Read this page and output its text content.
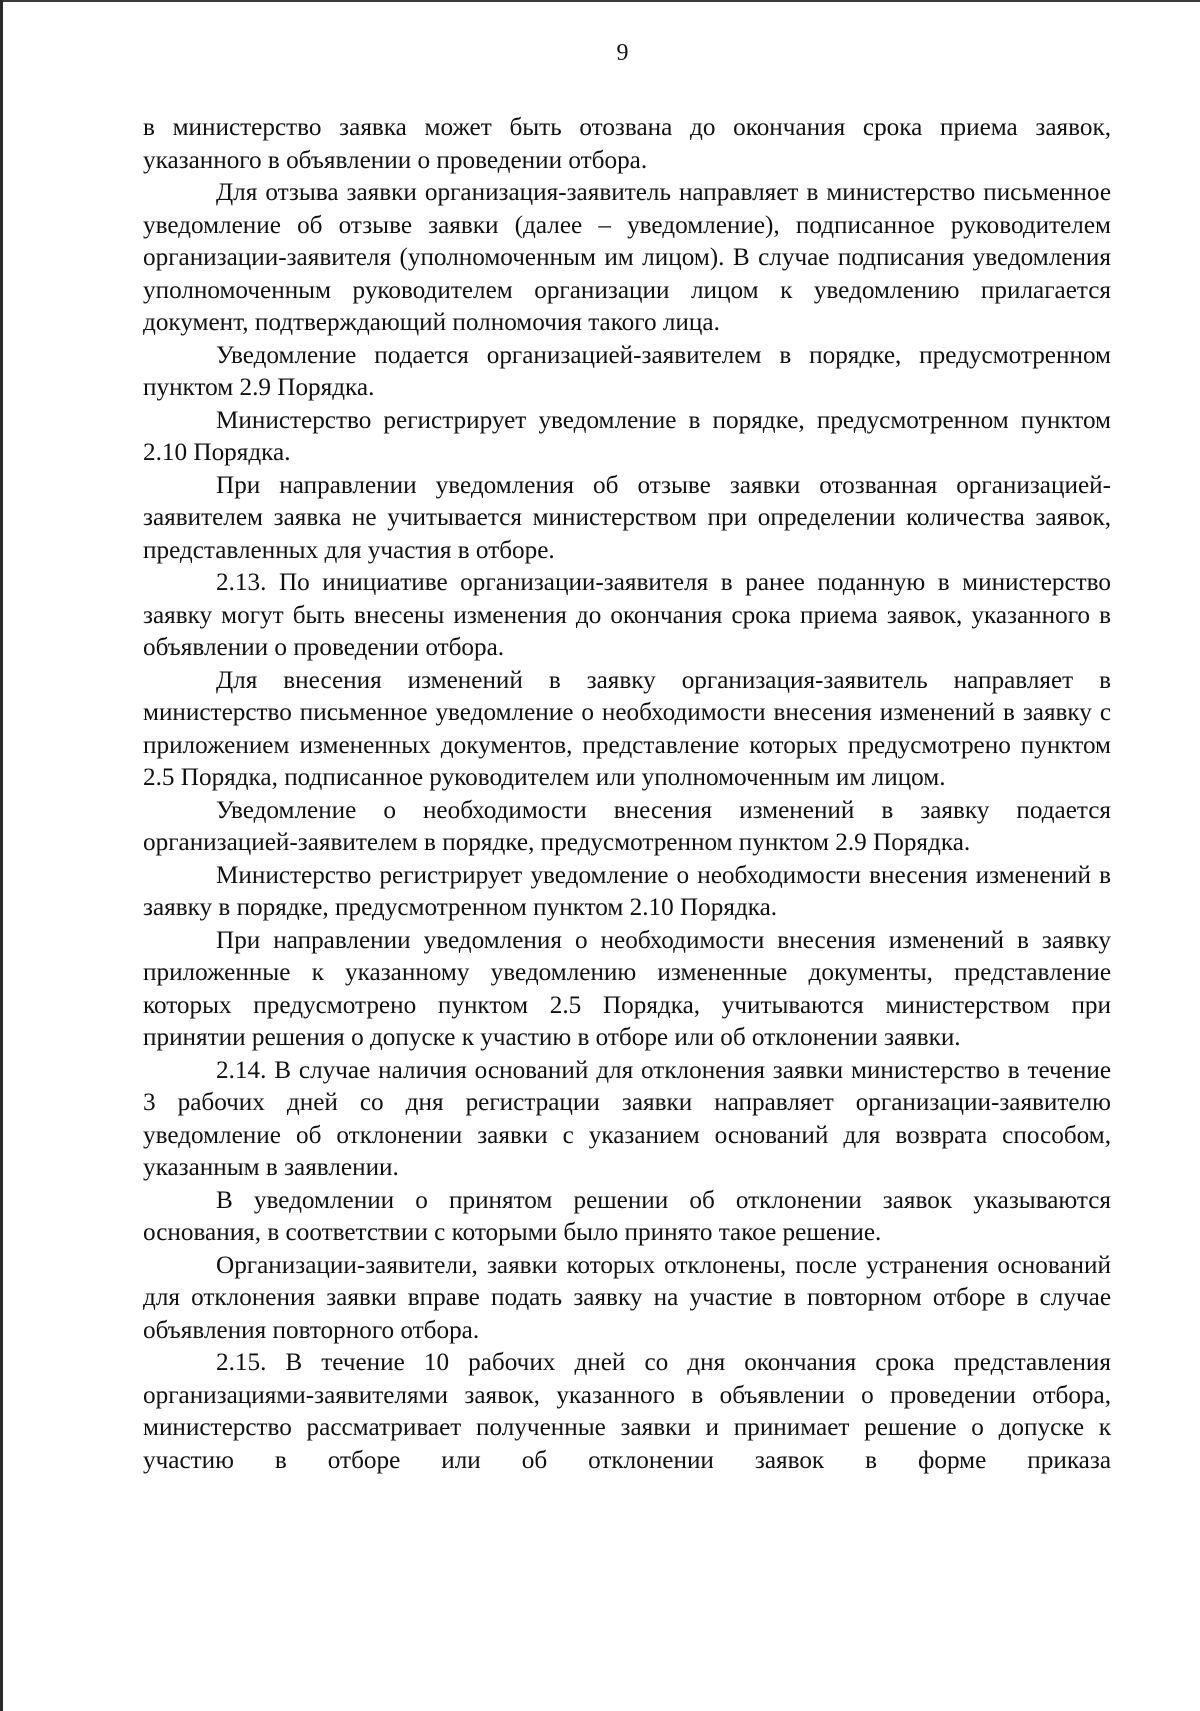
9

в министерство заявка может быть отозвана до окончания срока приема заявок, указанного в объявлении о проведении отбора.

Для отзыва заявки организация-заявитель направляет в министерство письменное уведомление об отзыве заявки (далее – уведомление), подписанное руководителем организации-заявителя (уполномоченным им лицом). В случае подписания уведомления уполномоченным руководителем организации лицом к уведомлению прилагается документ, подтверждающий полномочия такого лица.

Уведомление подается организацией-заявителем в порядке, предусмотренном пунктом 2.9 Порядка.

Министерство регистрирует уведомление в порядке, предусмотренном пунктом 2.10 Порядка.

При направлении уведомления об отзыве заявки отозванная организацией-заявителем заявка не учитывается министерством при определении количества заявок, представленных для участия в отборе.

2.13. По инициативе организации-заявителя в ранее поданную в министерство заявку могут быть внесены изменения до окончания срока приема заявок, указанного в объявлении о проведении отбора.

Для внесения изменений в заявку организация-заявитель направляет в министерство письменное уведомление о необходимости внесения изменений в заявку с приложением измененных документов, представление которых предусмотрено пунктом 2.5 Порядка, подписанное руководителем или уполномоченным им лицом.

Уведомление о необходимости внесения изменений в заявку подается организацией-заявителем в порядке, предусмотренном пунктом 2.9 Порядка.

Министерство регистрирует уведомление о необходимости внесения изменений в заявку в порядке, предусмотренном пунктом 2.10 Порядка.

При направлении уведомления о необходимости внесения изменений в заявку приложенные к указанному уведомлению измененные документы, представление которых предусмотрено пунктом 2.5 Порядка, учитываются министерством при принятии решения о допуске к участию в отборе или об отклонении заявки.

2.14. В случае наличия оснований для отклонения заявки министерство в течение 3 рабочих дней со дня регистрации заявки направляет организации-заявителю уведомление об отклонении заявки с указанием оснований для возврата способом, указанным в заявлении.

В уведомлении о принятом решении об отклонении заявок указываются основания, в соответствии с которыми было принято такое решение.

Организации-заявители, заявки которых отклонены, после устранения оснований для отклонения заявки вправе подать заявку на участие в повторном отборе в случае объявления повторного отбора.

2.15. В течение 10 рабочих дней со дня окончания срока представления организациями-заявителями заявок, указанного в объявлении о проведении отбора, министерство рассматривает полученные заявки и принимает решение о допуске к участию в отборе или об отклонении заявок в форме приказа
